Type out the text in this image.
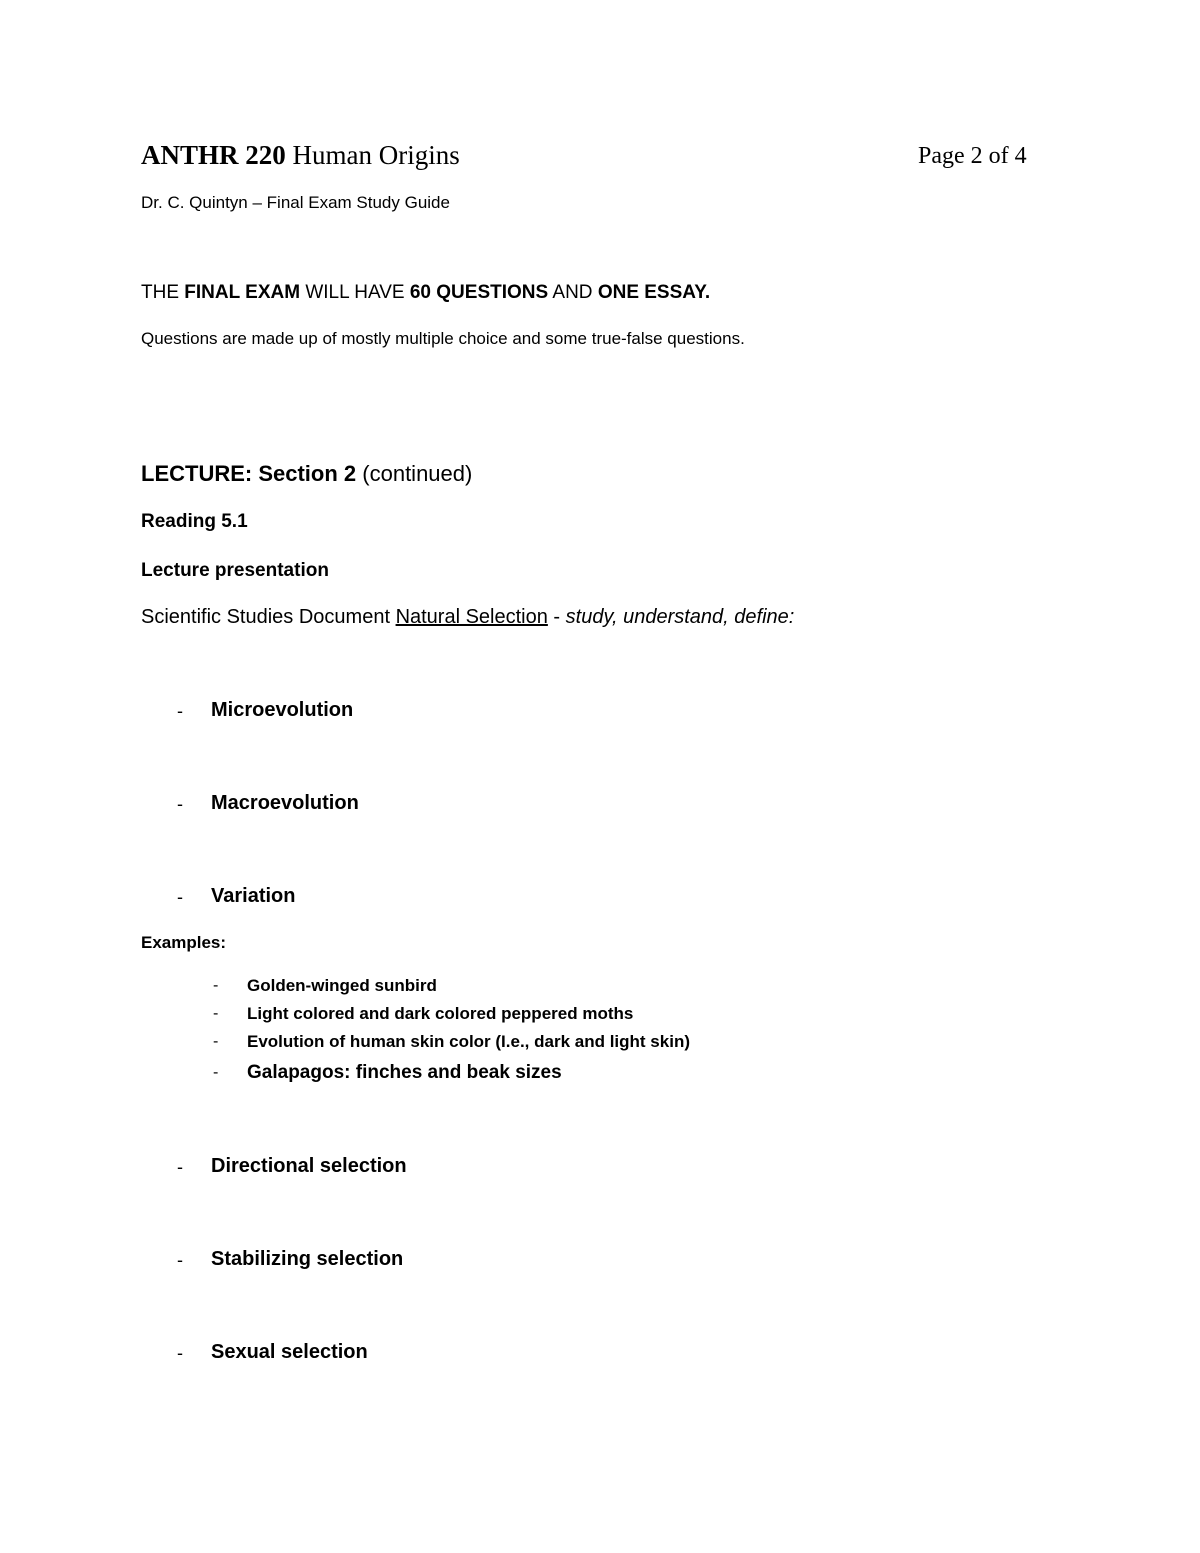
ANTHR 220 Human Origins	Page 2 of 4
Dr. C. Quintyn – Final Exam Study Guide
THE FINAL EXAM WILL HAVE 60 QUESTIONS AND ONE ESSAY.
Questions are made up of mostly multiple choice and some true-false questions.
LECTURE: Section 2 (continued)
Reading 5.1
Lecture presentation
Scientific Studies Document Natural Selection - study, understand, define:
- Microevolution
- Macroevolution
- Variation
Examples:
- Golden-winged sunbird
- Light colored and dark colored peppered moths
- Evolution of human skin color (I.e., dark and light skin)
- Galapagos: finches and beak sizes
- Directional selection
- Stabilizing selection
- Sexual selection
